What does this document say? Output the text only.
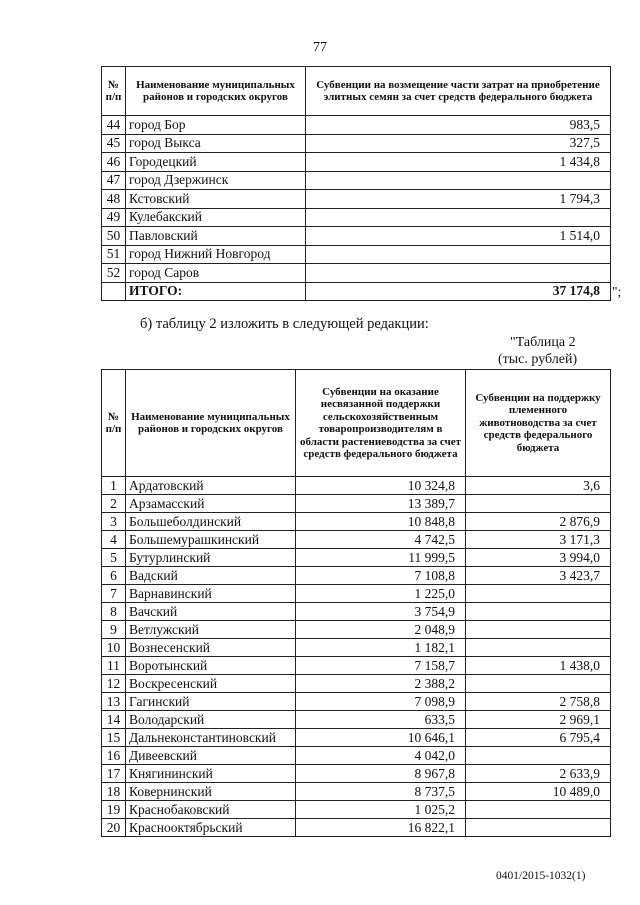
77
№ п/п	Наименование муниципальных районов и городских округов	Субвенции на возмещение части затрат на приобретение элитных семян за счет средств федерального бюджета
44	город Бор	983,5
45	город Выкса	327,5
46	Городецкий	1 434,8
47	город Дзержинск	
48	Кстовский	1 794,3
49	Кулебакский	
50	Павловский	1 514,0
51	город Нижний Новгород	
52	город Саров	
	ИТОГО:	37 174,8 ";
б) таблицу 2 изложить в следующей редакции:
"Таблица 2
(тыс. рублей)
№ п/п	Наименование муниципальных районов и городских округов	Субвенции на оказание несвязанной поддержки сельскохозяйственным товаропроизводителям в области растениеводства за счет средств федерального бюджета	Субвенции на поддержку племенного животноводства за счет средств федерального бюджета
1	Ардатовский	10 324,8	3,6
2	Арзамасский	13 389,7	
3	Большеболдинский	10 848,8	2 876,9
4	Большемурашкинский	4 742,5	3 171,3
5	Бутурлинский	11 999,5	3 994,0
6	Вадский	7 108,8	3 423,7
7	Варнавинский	1 225,0	
8	Вачский	3 754,9	
9	Ветлужский	2 048,9	
10	Вознесенский	1 182,1	
11	Воротынский	7 158,7	1 438,0
12	Воскресенский	2 388,2	
13	Гагинский	7 098,9	2 758,8
14	Володарский	633,5	2 969,1
15	Дальнеконстантиновский	10 646,1	6 795,4
16	Дивеевский	4 042,0	
17	Княгининский	8 967,8	2 633,9
18	Ковернинский	8 737,5	10 489,0
19	Краснобаковский	1 025,2	
20	Краснооктябрьский	16 822,1	
0401/2015-1032(1)
